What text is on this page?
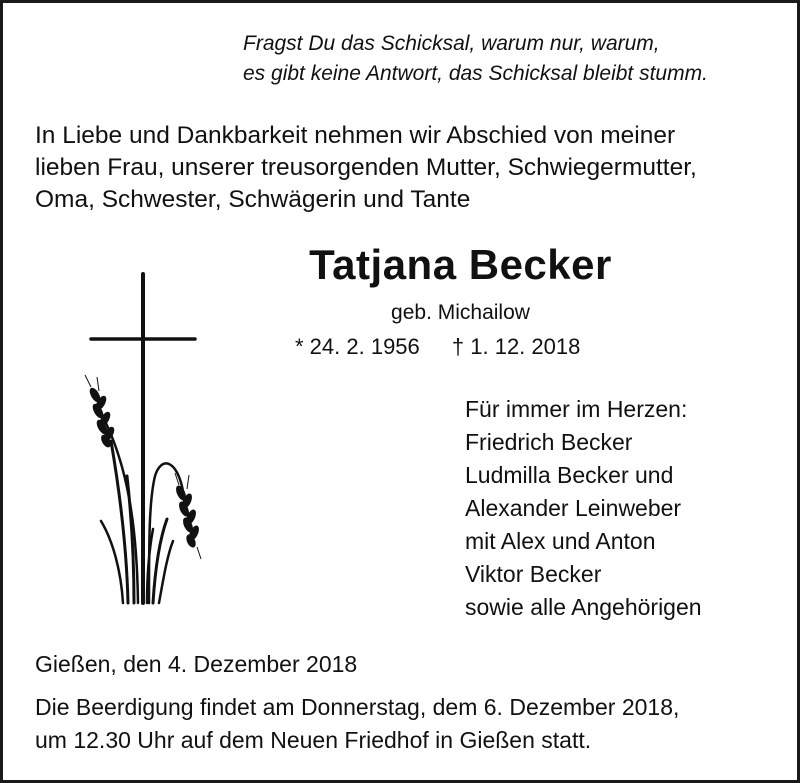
Fragst Du das Schicksal, warum nur, warum,
es gibt keine Antwort, das Schicksal bleibt stumm.
In Liebe und Dankbarkeit nehmen wir Abschied von meiner
lieben Frau, unserer treusorgenden Mutter, Schwiegermutter,
Oma, Schwester, Schwägerin und Tante
Tatjana Becker
geb. Michailow
* 24. 2. 1956 † 1. 12. 2018
Für immer im Herzen:
Friedrich Becker
Ludmilla Becker und
Alexander Leinweber
mit Alex und Anton
Viktor Becker
sowie alle Angehörigen
Gießen, den 4. Dezember 2018
Die Beerdigung findet am Donnerstag, dem 6. Dezember 2018,
um 12.30 Uhr auf dem Neuen Friedhof in Gießen statt.
